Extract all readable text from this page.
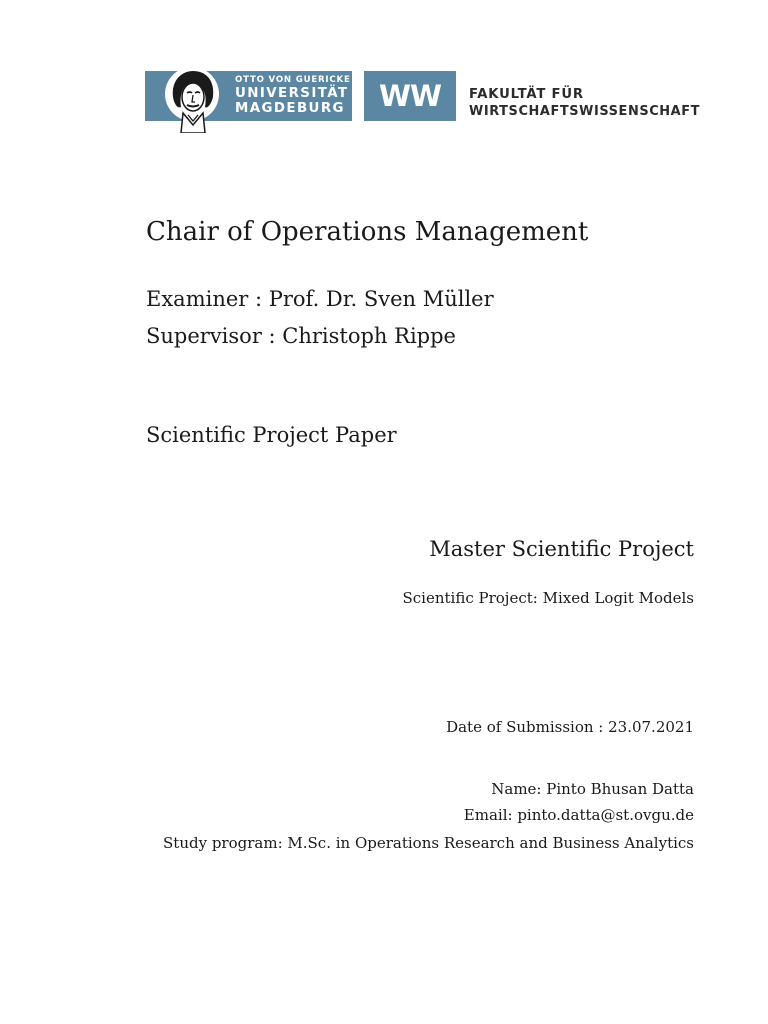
OTTO VON GUERICKE
UNIVERSITÄT
MAGDEBURG	WW	FAKULTÄT FÜR
WIRTSCHAFTSWISSENSCHAFT
Chair of Operations Management
Examiner : Prof. Dr. Sven Müller
Supervisor : Christoph Rippe
Scientific Project Paper
Master Scientific Project
Scientific Project: Mixed Logit Models
Date of Submission : 23.07.2021
Name: Pinto Bhusan Datta
Email: pinto.datta@st.ovgu.de
Study program: M.Sc. in Operations Research and Business Analytics
